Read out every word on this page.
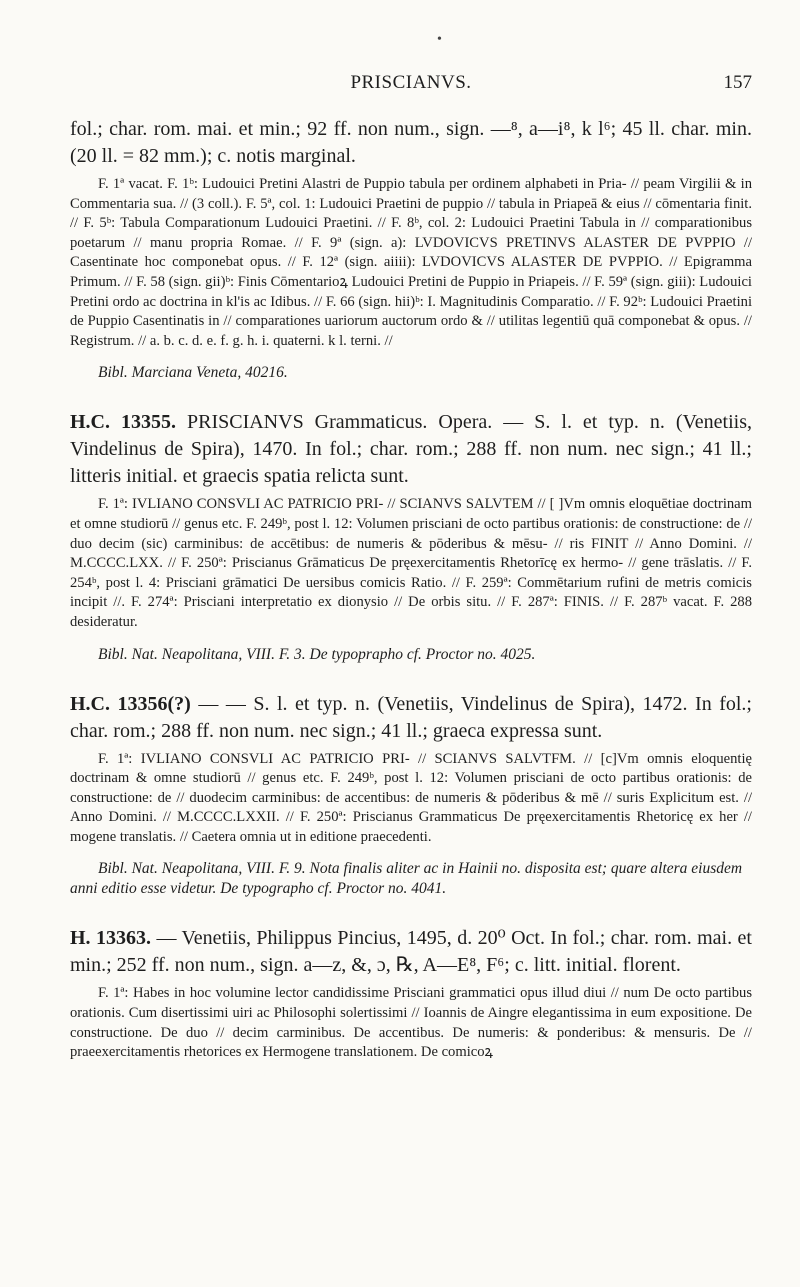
•
PRISCIANVS.	157

fol.; char. rom. mai. et min.; 92 ff. non num., sign. —⁸, a—i⁸, k l⁶; 45 ll. char. min. (20 ll. = 82 mm.); c. notis marginal.

F. 1ª vacat. F. 1ᵇ: Ludouici Pretini Alastri de Puppio tabula per ordinem alphabeti in Pria- // peam Virgilii & in Commentaria sua. // (3 coll.). F. 5ª, col. 1: Ludouici Praetini de puppio // tabula in Priapeā & eius // cōmentaria finit. // F. 5ᵇ: Tabula Comparationum Ludouici Praetini. // F. 8ᵇ, col. 2: Ludouici Praetini Tabula in // comparationibus poetarum // manu propria Romae. // F. 9ª (sign. a): LVDOVICVS PRETINVS ALASTER DE PVPPIO // Casentinate hoc componebat opus. // F. 12ª (sign. aiiii): LVDOVICVS ALASTER DE PVPPIO. // Epigramma Primum. // F. 58 (sign. gii)ᵇ: Finis Cōmentarioꝝ Ludouici Pretini de Puppio in Priapeis. // F. 59ª (sign. giii): Ludouici Pretini ordo ac doctrina in kl'is ac Idibus. // F. 66 (sign. hii)ᵇ: I. Magnitudinis Comparatio. // F. 92ᵇ: Ludouici Praetini de Puppio Casentinatis in // comparationes uariorum auctorum ordo & // utilitas legentiū quā componebat & opus. // Registrum. // a. b. c. d. e. f. g. h. i. quaterni. k l. terni. //

Bibl. Marciana Veneta, 40216.

H.C. 13355. PRISCIANVS Grammaticus. Opera. — S. l. et typ. n. (Venetiis, Vindelinus de Spira), 1470. In fol.; char. rom.; 288 ff. non num. nec sign.; 41 ll.; litteris initial. et graecis spatia relicta sunt.

F. 1ª: IVLIANO CONSVLI AC PATRICIO PRI- // SCIANVS SALVTEM // [ ]Vm omnis eloquētiae doctrinam et omne studiorū // genus etc. F. 249ᵇ, post l. 12: Volumen prisciani de octo partibus orationis: de constructione: de // duo decim (sic) carminibus: de accētibus: de numeris & pōderibus & mēsu- // ris FINIT // Anno Domini. // M.CCCC.LXX. // F. 250ª: Priscianus Grāmaticus De pręexercitamentis Rhetorīcę ex hermo- // gene trāslatis. // F. 254ᵇ, post l. 4: Prisciani grāmatici De uersibus comicis Ratio. // F. 259ª: Commētarium rufini de metris comicis incipit //. F. 274ª: Prisciani interpretatio ex dionysio // De orbis situ. // F. 287ª: FINIS. // F. 287ᵇ vacat. F. 288 desideratur.

Bibl. Nat. Neapolitana, VIII. F. 3. De typoprapho cf. Proctor no. 4025.

H.C. 13356(?) — — S. l. et typ. n. (Venetiis, Vindelinus de Spira), 1472. In fol.; char. rom.; 288 ff. non num. nec sign.; 41 ll.; graeca expressa sunt.

F. 1ª: IVLIANO CONSVLI AC PATRICIO PRI- // SCIANVS SALVTFM. // [c]Vm omnis eloquentię doctrinam & omne studiorū // genus etc. F. 249ᵇ, post l. 12: Volumen prisciani de octo partibus orationis: de constructione: de // duodecim carminibus: de accentibus: de numeris & pōderibus & mē // suris Explicitum est. // Anno Domini. // M.CCCC.LXXII. // F. 250ª: Priscianus Grammaticus De pręexercitamentis Rhetoricę ex her // mogene translatis. // Caetera omnia ut in editione praecedenti.

Bibl. Nat. Neapolitana, VIII. F. 9. Nota finalis aliter ac in Hainii no. disposita est; quare altera eiusdem anni editio esse videtur. De typographo cf. Proctor no. 4041.

H. 13363. — Venetiis, Philippus Pincius, 1495, d. 20⁰ Oct. In fol.; char. rom. mai. et min.; 252 ff. non num., sign. a—z, &, ɔ, ℞, A—E⁸, F⁶; c. litt. initial. florent.

F. 1ª: Habes in hoc volumine lector candidissime Prisciani grammatici opus illud diui // num De octo partibus orationis. Cum disertissimi uiri ac Philosophi solertissimi // Ioannis de Aingre elegantissima in eum expositione. De constructione. De duo // decim carminibus. De accentibus. De numeris: & ponderibus: & mensuris. De // praeexercitamentis rhetorices ex Hermogene translationem. De comicoꝝ
